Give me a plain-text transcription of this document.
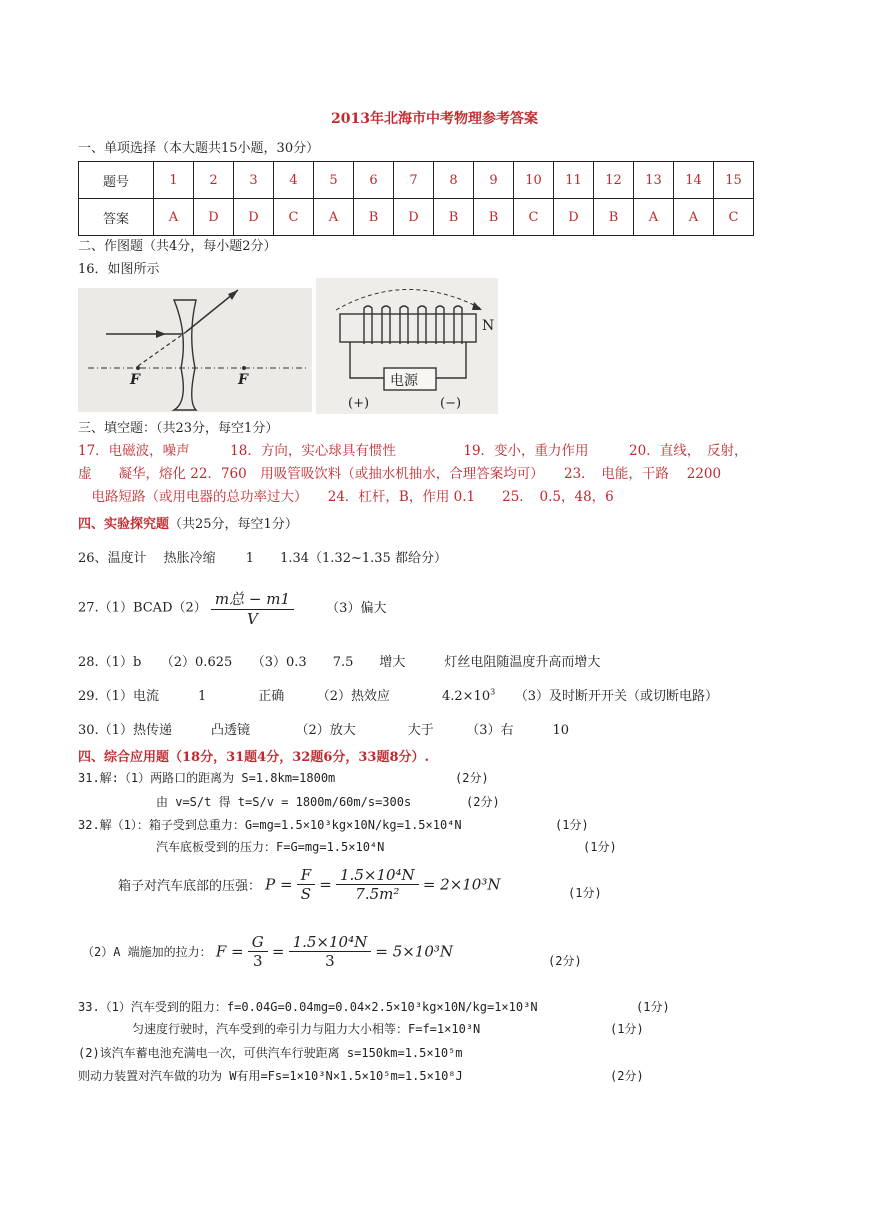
2013年北海市中考物理参考答案
一、单项选择（本大题共15小题，30分）
题号	1	2	3	4	5	6	7	8	9	10	11	12	13	14	15
答案	A	D	D	C	A	B	D	B	B	C	D	B	A	A	C
二、作图题（共4分，每小题2分）
16．如图所示
F	F
N
电源
(+)	(−)
三、填空题：（共23分，每空1分）
17．电磁波，噪声　　　18．方向，实心球具有惯性　　　　　19．变小，重力作用　　　20．直线，　反射，
虚　　凝华，熔化 22．760　用吸管吸饮料（或抽水机抽水，合理答案均可）　　23．　电能，干路　 2200
　电路短路（或用电器的总功率过大）　　24．杠杆，B，作用 0.1　　25．　0.5，48，6
四、实验探究题（共25分，每空1分）
26、温度计　 热胀冷缩　　 1　　1.34（1.32~1.35 都给分）
27.（1）BCAD（2） $\frac{\text{m总 − m1}}{V} (3)$偏大
28.（1）b　　（2）0.625　　（3）0.3　　7.5　　增大　　　灯丝电阻随温度升高而增大
29.（1）电流　　　1　　　　正确　　　（2）热效应　　　　$4.2\times 10^3$　　（3）及时断开开关（或切断电路）
30.（1）热传递　　　凸透镜　　　　（2）放大　　　　大于　　　（3）右　　　10
四、综合应用题（18分，31题4分，32题6分，33题8分）.
31.解:（1）两路口的距离为 S=1.8km=1800m	(2分)
由 v=S/t 得 t=S/v = 1800m/60m/s=300s	(2分)
32.解（1）：箱子受到总重力：G=mg=1.5×10³kg×10N/kg=1.5×10⁴N	(1分)
汽车底板受到的压力：F=G=mg=1.5×10⁴N	(1分)
箱子对汽车底部的压强： $P = \frac{F}{S} = \frac{\text{1.5×10⁴N}}{\text{7.5m²}} = 2\times 10^3N$	(1分)
（2）A 端施加的拉力： $F = \frac{G}{3} = \frac{\text{1.5×10⁴N}}{3} = 5\times 10^3N$
(2分)
33.（1）汽车受到的阻力：f=0.04G=0.04mg=0.04×2.5×10³kg×10N/kg=1×10³N	(1分)
匀速度行驶时，汽车受到的牵引力与阻力大小相等：F=f=1×10³N	(1分)
(2)该汽车蓄电池充满电一次，可供汽车行驶距离 s=150km=1.5×10⁵m
则动力装置对汽车做的功为 W有用=Fs=1×10³N×1.5×10⁵m=1.5×10⁸J	(2分)
